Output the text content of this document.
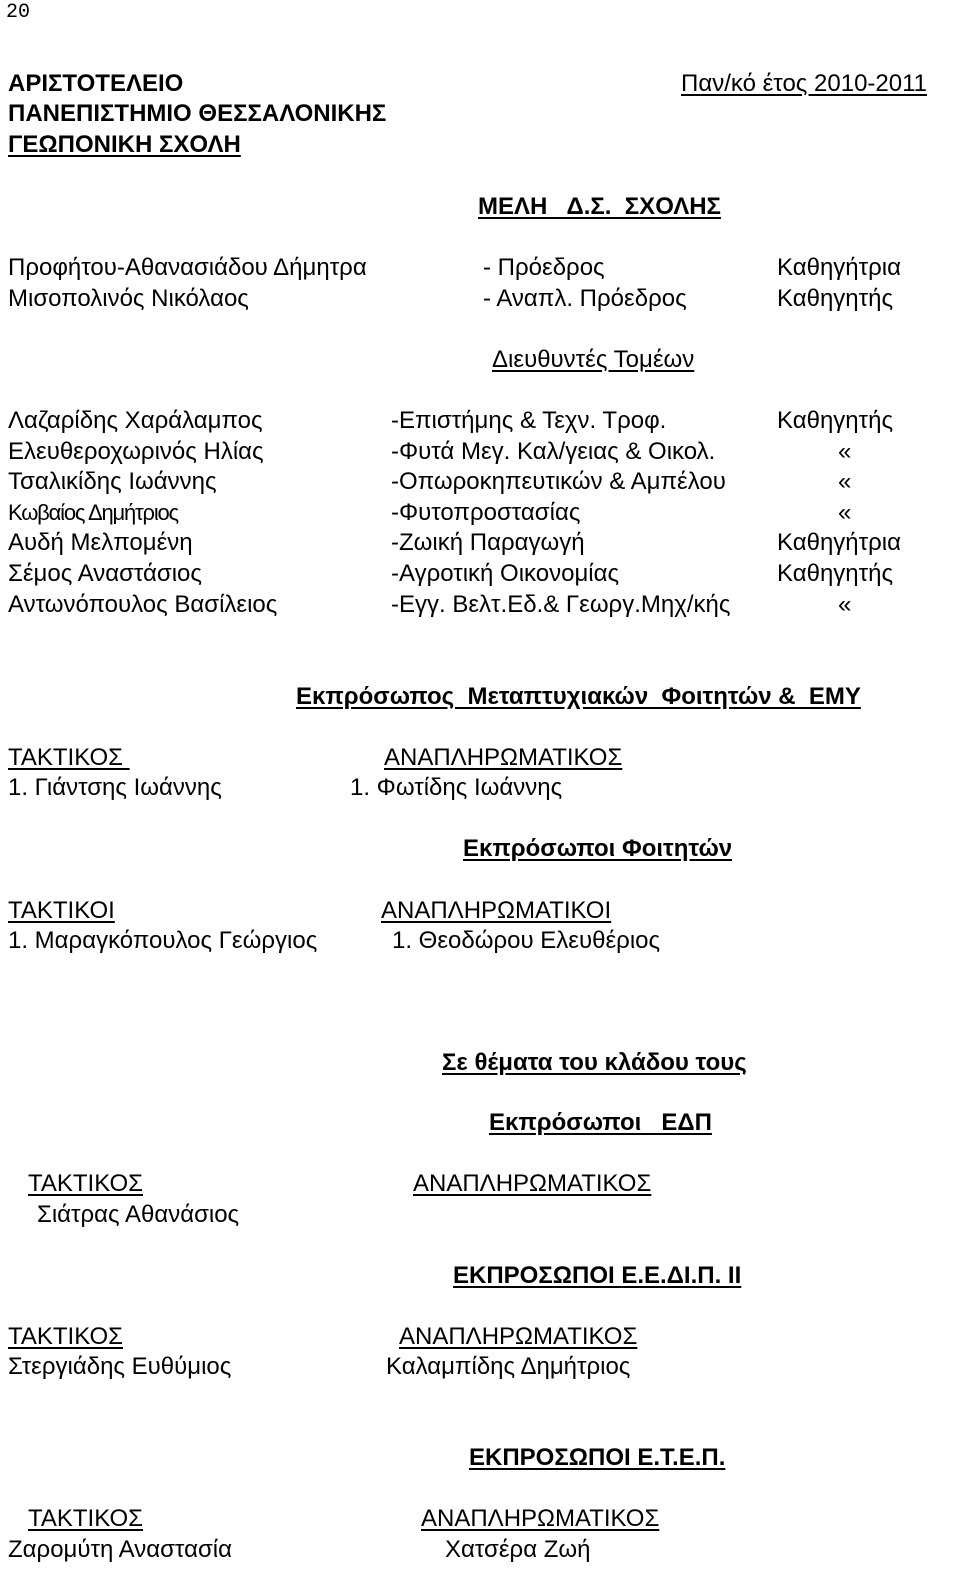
20
ΑΡΙΣΤΟΤΕΛΕΙΟ
ΠΑΝΕΠΙΣΤΗΜΙΟ ΘΕΣΣΑΛΟΝΙΚΗΣ
ΓΕΩΠΟΝΙΚΗ ΣΧΟΛΗ
Παν/κό έτος 2010-2011
ΜΕΛΗ   Δ.Σ.  ΣΧΟΛΗΣ
Προφήτου-Αθανασιάδου Δήμητρα	- Πρόεδρος	Καθηγήτρια
Μισοπολινός Νικόλαος	- Αναπλ. Πρόεδρος	Καθηγητής
Διευθυντές Τομέων
Λαζαρίδης Χαράλαμπος	-Επιστήμης & Τεχν. Τροφ.	Καθηγητής
Ελευθεροχωρινός Ηλίας	-Φυτά Μεγ. Καλ/γειας & Οικολ.	«
Τσαλικίδης Ιωάννης	-Οπωροκηπευτικών & Αμπέλου	«
Κωβαίος Δημήτριος	-Φυτοπροστασίας	«
Αυδή Μελπομένη	-Ζωική Παραγωγή	Καθηγήτρια
Σέμος Αναστάσιος	-Αγροτική Οικονομίας	Καθηγητής
Αντωνόπουλος Βασίλειος	-Εγγ. Βελτ.Εδ.& Γεωργ.Μηχ/κής	«
Εκπρόσωπος  Μεταπτυχιακών  Φοιτητών &  ΕΜΥ
ΤΑΚΤΙΚΟΣ	ΑΝΑΠΛΗΡΩΜΑΤΙΚΟΣ
1. Γιάντσης Ιωάννης	1. Φωτίδης Ιωάννης
Εκπρόσωποι Φοιτητών
ΤΑΚΤΙΚΟΙ	ΑΝΑΠΛΗΡΩΜΑΤΙΚΟΙ
1. Μαραγκόπουλος Γεώργιος	1. Θεοδώρου Ελευθέριος
Σε θέματα του κλάδου τους
Εκπρόσωποι   ΕΔΠ
ΤΑΚΤΙΚΟΣ	ΑΝΑΠΛΗΡΩΜΑΤΙΚΟΣ
Σιάτρας Αθανάσιος
ΕΚΠΡΟΣΩΠΟΙ Ε.Ε.ΔΙ.Π. ΙΙ
ΤΑΚΤΙΚΟΣ	ΑΝΑΠΛΗΡΩΜΑΤΙΚΟΣ
Στεργιάδης Ευθύμιος	Καλαμπίδης Δημήτριος
ΕΚΠΡΟΣΩΠΟΙ Ε.Τ.Ε.Π.
ΤΑΚΤΙΚΟΣ	ΑΝΑΠΛΗΡΩΜΑΤΙΚΟΣ
Ζαρομύτη Αναστασία	Χατσέρα Ζωή
